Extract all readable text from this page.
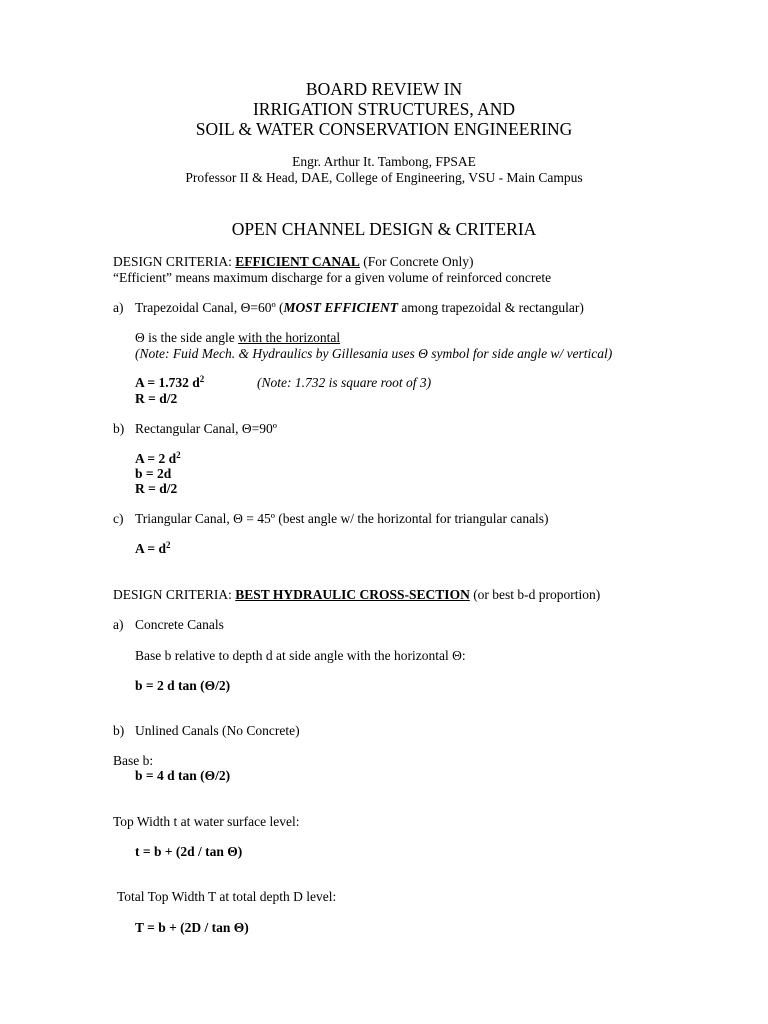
BOARD REVIEW IN
IRRIGATION STRUCTURES, AND
SOIL & WATER CONSERVATION ENGINEERING
Engr. Arthur It. Tambong, FPSAE
Professor II & Head, DAE, College of Engineering, VSU - Main Campus
OPEN CHANNEL DESIGN & CRITERIA
DESIGN CRITERIA: EFFICIENT CANAL (For Concrete Only)
“Efficient” means maximum discharge for a given volume of reinforced concrete
a) Trapezoidal Canal, Θ=60º (MOST EFFICIENT among trapezoidal & rectangular)
Θ is the side angle with the horizontal
(Note: Fuid Mech. & Hydraulics by Gillesania uses Θ symbol for side angle w/ vertical)
A = 1.732 $d^2$	(Note: 1.732 is square root of 3)
R = d/2
b) Rectangular Canal, Θ=90º
A = 2 $d^2$
b = 2d
R = d/2
c) Triangular Canal, Θ = 45º (best angle w/ the horizontal for triangular canals)
$A = d^2$
DESIGN CRITERIA: BEST HYDRAULIC CROSS-SECTION (or best b-d proportion)
a) Concrete Canals
Base b relative to depth d at side angle with the horizontal Θ:
b = 2 d tan (Θ/2)
b) Unlined Canals (No Concrete)
Base b:
b = 4 d tan (Θ/2)
Top Width t at water surface level:
t = b + (2d / tan Θ)
Total Top Width T at total depth D level:
T = b + (2D / tan Θ)
